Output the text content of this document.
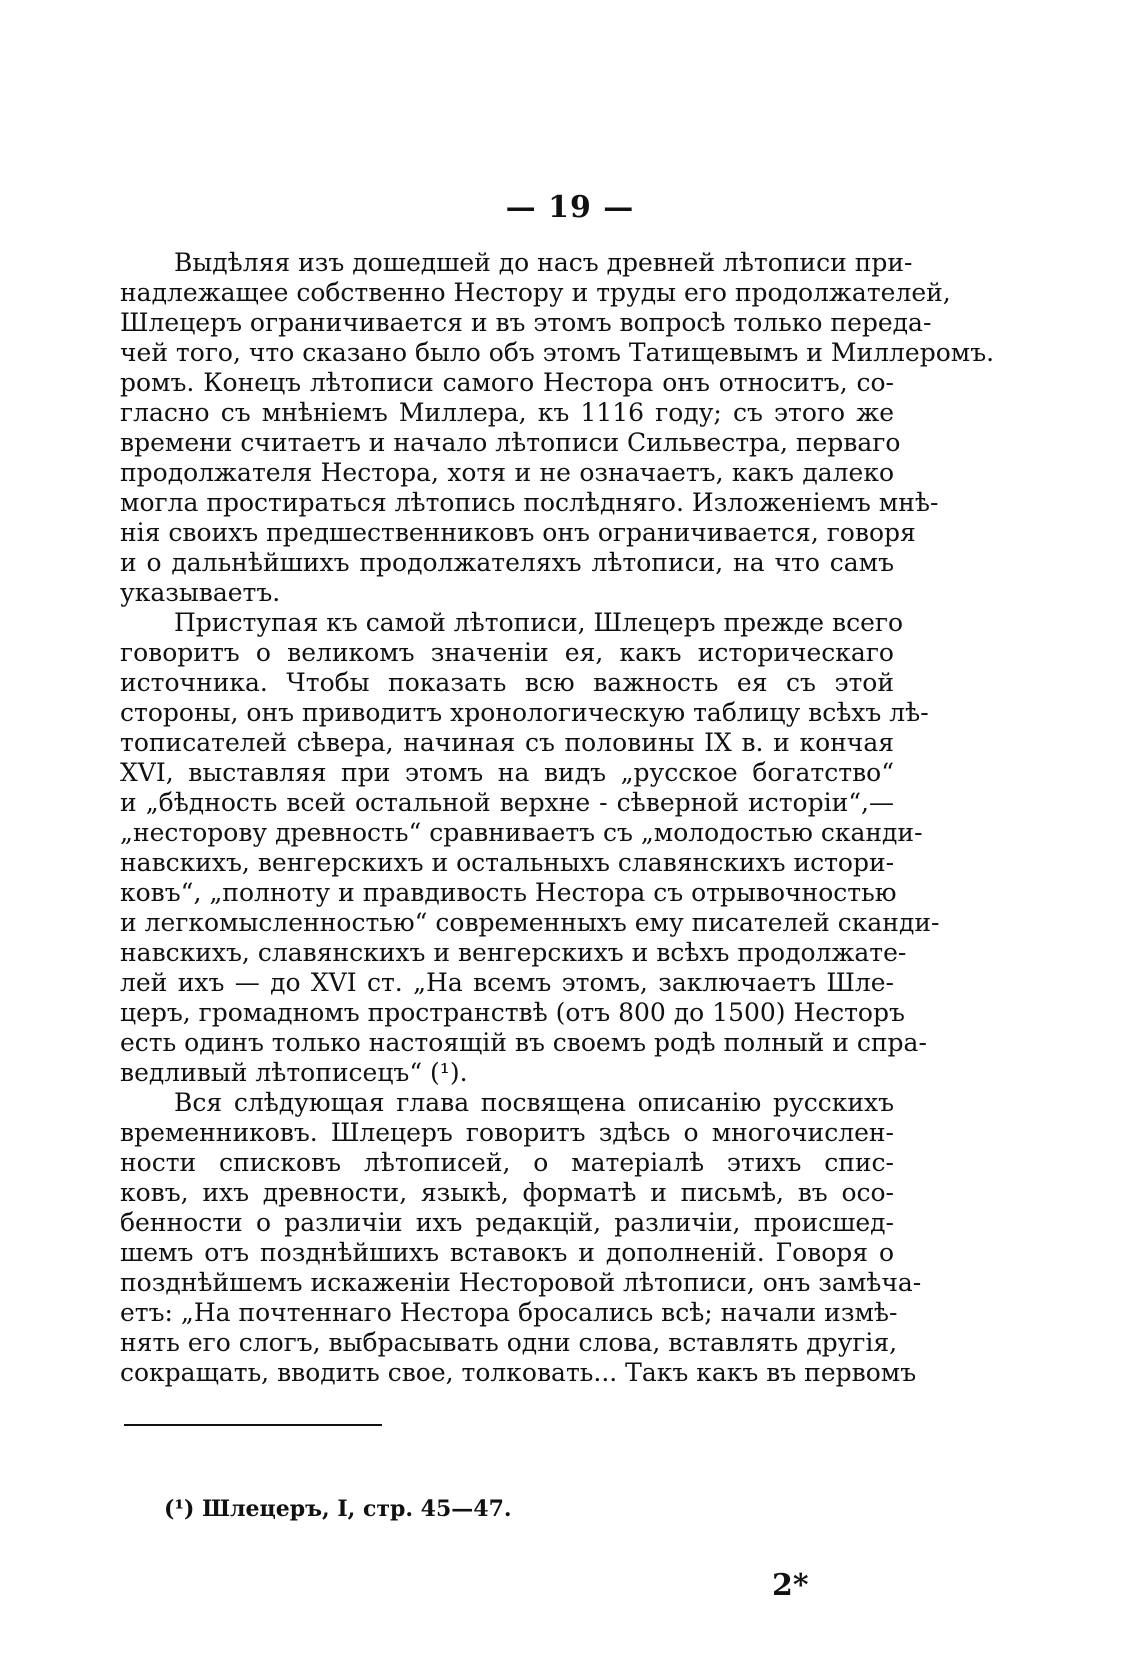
— 19 —
Выдѣляя изъ дошедшей до насъ древней лѣтописи при-
надлежащее собственно Нестору и труды его продолжателей,
Шлецеръ ограничивается и въ этомъ вопросѣ только переда-
чей того, что сказано было объ этомъ Татищевымъ и Миллеромъ.
ромъ. Конецъ лѣтописи самого Нестора онъ относитъ, со-
гласно съ мнѣніемъ Миллера, къ 1116 году; съ этого же
времени считаетъ и начало лѣтописи Сильвестра, перваго
продолжателя Нестора, хотя и не означаетъ, какъ далеко
могла простираться лѣтопись послѣдняго. Изложеніемъ мнѣ-
нія своихъ предшественниковъ онъ ограничивается, говоря
и о дальнѣйшихъ продолжателяхъ лѣтописи, на что самъ
указываетъ.
Приступая къ самой лѣтописи, Шлецеръ прежде всего
говоритъ о великомъ значеніи ея, какъ историческаго
источника. Чтобы показать всю важность ея съ этой
стороны, онъ приводитъ хронологическую таблицу всѣхъ лѣ-
тописателей сѣвера, начиная съ половины IX в. и кончая
XVI, выставляя при этомъ на видъ „русское богатство“
и „бѣдность всей остальной верхне - сѣверной исторіи“,—
„несторову древность“ сравниваетъ съ „молодостью сканди-
навскихъ, венгерскихъ и остальныхъ славянскихъ истори-
ковъ“, „полноту и правдивость Нестора съ отрывочностью
и легкомысленностью“ современныхъ ему писателей сканди-
навскихъ, славянскихъ и венгерскихъ и всѣхъ продолжате-
лей ихъ — до XVI ст. „На всемъ этомъ, заключаетъ Шле-
церъ, громадномъ пространствѣ (отъ 800 до 1500) Несторъ
есть одинъ только настоящій въ своемъ родѣ полный и спра-
ведливый лѣтописецъ“ (¹).
Вся слѣдующая глава посвящена описанію русскихъ
временниковъ. Шлецеръ говоритъ здѣсь о многочислен-
ности списковъ лѣтописей, о матеріалѣ этихъ спис-
ковъ, ихъ древности, языкѣ, форматѣ и письмѣ, въ осо-
бенности о различіи ихъ редакцій, различіи, происшед-
шемъ отъ позднѣйшихъ вставокъ и дополненій. Говоря о
позднѣйшемъ искаженіи Несторовой лѣтописи, онъ замѣча-
етъ: „На почтеннаго Нестора бросались всѣ; начали измѣ-
нять его слогъ, выбрасывать одни слова, вставлять другія,
сокращать, вводить свое, толковать... Такъ какъ въ первомъ
(¹) Шлецеръ, I, стр. 45—47.
2*
